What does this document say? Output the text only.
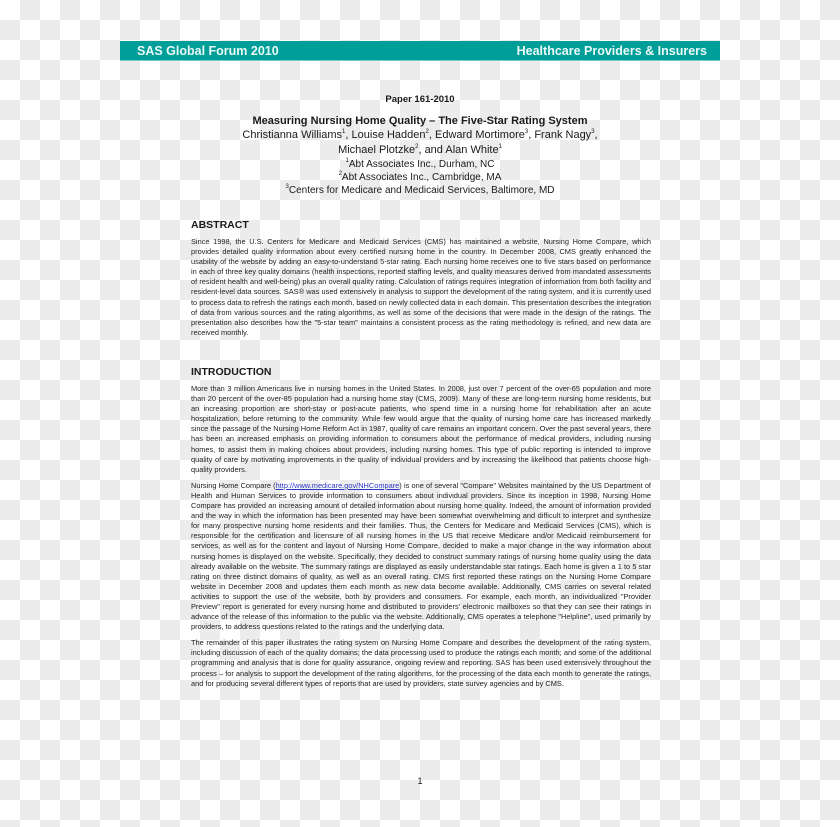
SAS Global Forum 2010	Healthcare Providers & Insurers
Paper 161-2010
Measuring Nursing Home Quality – The Five-Star Rating System
Christianna Williams$^1$, Louise Hadden$^2$, Edward Mortimore$^3$, Frank Nagy$^3$,
Michael Plotzke$^2$, and Alan White$^1$
$^1$Abt Associates Inc., Durham, NC
$^2$Abt Associates Inc., Cambridge, MA
$^3$Centers for Medicare and Medicaid Services, Baltimore, MD
ABSTRACT

Since 1998, the U.S. Centers for Medicare and Medicaid Services (CMS) has maintained a website, Nursing Home Compare, which provides detailed quality information about every certified nursing home in the country. In December 2008, CMS greatly enhanced the usability of the website by adding an easy-to-understand 5-star rating. Each nursing home receives one to five stars based on performance in each of three key quality domains (health inspections, reported staffing levels, and quality measures derived from mandated assessments of resident health and well-being) plus an overall quality rating. Calculation of ratings requires integration of information from both facility and resident-level data sources. SAS® was used extensively in analysis to support the development of the rating system, and it is currently used to process data to refresh the ratings each month, based on newly collected data in each domain. This presentation describes the integration of data from various sources and the rating algorithms, as well as some of the decisions that were made in the design of the ratings. The presentation also describes how the "5-star team" maintains a consistent process as the rating methodology is refined, and new data are received monthly.

INTRODUCTION

More than 3 million Americans live in nursing homes in the United States. In 2008, just over 7 percent of the over-65 population and more than 20 percent of the over-85 population had a nursing home stay (CMS, 2009). Many of these are long-term nursing home residents, but an increasing proportion are short-stay or post-acute patients, who spend time in a nursing home for rehabilitation after an acute hospitalization, before returning to the community. While few would argue that the quality of nursing home care has increased markedly since the passage of the Nursing Home Reform Act in 1987, quality of care remains an important concern. Over the past several years, there has been an increased emphasis on providing information to consumers about the performance of medical providers, including nursing homes, to assist them in making choices about providers, including nursing homes. This type of public reporting is intended to improve quality of care by motivating improvements in the quality of individual providers and by increasing the likelihood that patients choose high-quality providers.

Nursing Home Compare (http://www.medicare.gov/NHCompare) is one of several "Compare" Websites maintained by the US Department of Health and Human Services to provide information to consumers about individual providers. Since its inception in 1998, Nursing Home Compare has provided an increasing amount of detailed information about nursing home quality. Indeed, the amount of information provided and the way in which the information has been presented may have been somewhat overwhelming and difficult to interpret and synthesize for many prospective nursing home residents and their families. Thus, the Centers for Medicare and Medicaid Services (CMS), which is responsible for the certification and licensure of all nursing homes in the US that receive Medicare and/or Medicaid reimbursement for services, as well as for the content and layout of Nursing Home Compare, decided to make a major change in the way information about nursing homes is displayed on the website. Specifically, they decided to construct summary ratings of nursing home quality using the data already available on the website. The summary ratings are displayed as easily understandable star ratings. Each home is given a 1 to 5 star rating on three distinct domains of quality, as well as an overall rating. CMS first reported these ratings on the Nursing Home Compare website in December 2008 and updates them each month as new data become available. Additionally, CMS carries on several related activities to support the use of the website, both by providers and consumers. For example, each month, an individualized "Provider Preview" report is generated for every nursing home and distributed to providers' electronic mailboxes so that they can see their ratings in advance of the release of this information to the public via the website. Additionally, CMS operates a telephone "Helpline", used primarily by providers, to address questions related to the ratings and the underlying data.

The remainder of this paper illustrates the rating system on Nursing Home Compare and describes the development of the rating system, including discussion of each of the quality domains; the data processing used to produce the ratings each month; and some of the additional programming and analysis that is done for quality assurance, ongoing review and reporting. SAS has been used extensively throughout the process – for analysis to support the development of the rating algorithms, for the processing of the data each month to generate the ratings, and for producing several different types of reports that are used by providers, state survey agencies and by CMS.

1
